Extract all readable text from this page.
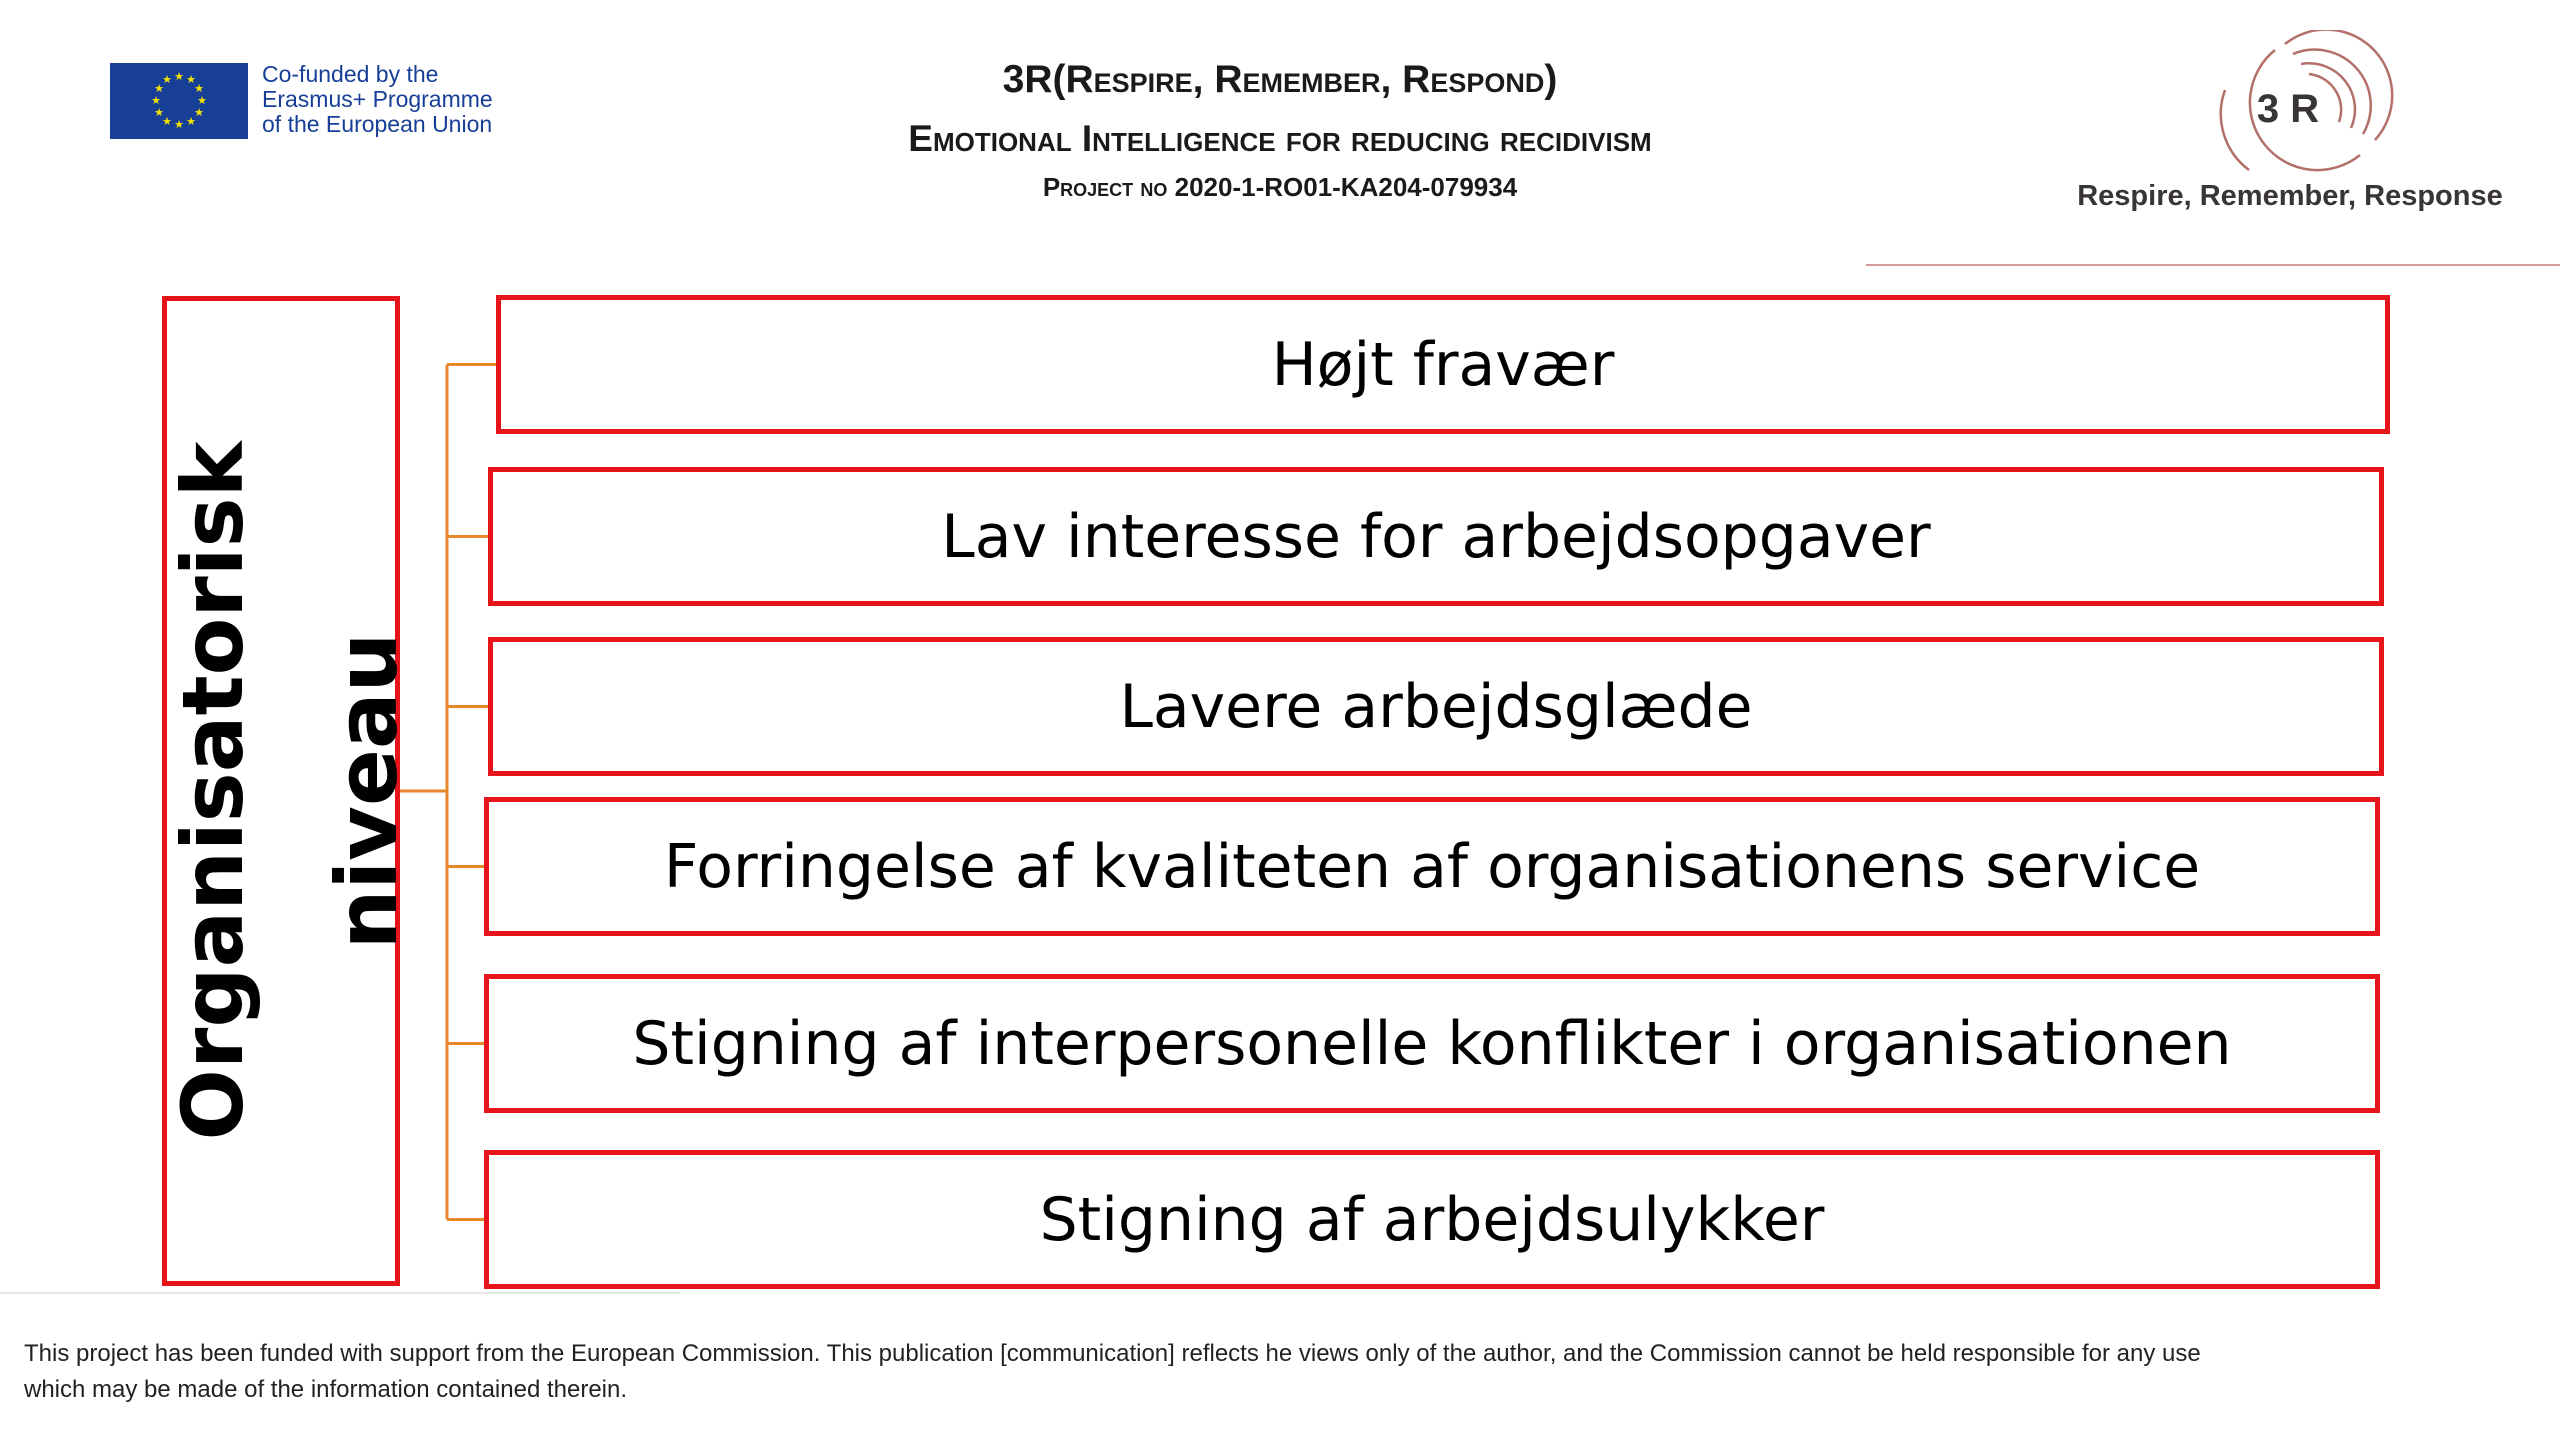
★ ★
★
★
★
★
★
★
★
★
★
★	Co-funded by the
Erasmus+ Programme
of the European Union
3R(Respire, Remember, Respond)
Emotional Intelligence for reducing recidivism
Project no 2020-1-RO01-KA204-079934
3 R
Respire, Remember, Response
Organisatorisk niveau
Højt fravær
Lav interesse for arbejdsopgaver
Lavere arbejdsglæde
Forringelse af kvaliteten af organisationens service
Stigning af interpersonelle konflikter i organisationen
Stigning af arbejdsulykker
This project has been funded with support from the European Commission. This publication [communication] reflects he views only of the author, and the Commission cannot be held responsible for any use
which may be made of the information contained therein.
